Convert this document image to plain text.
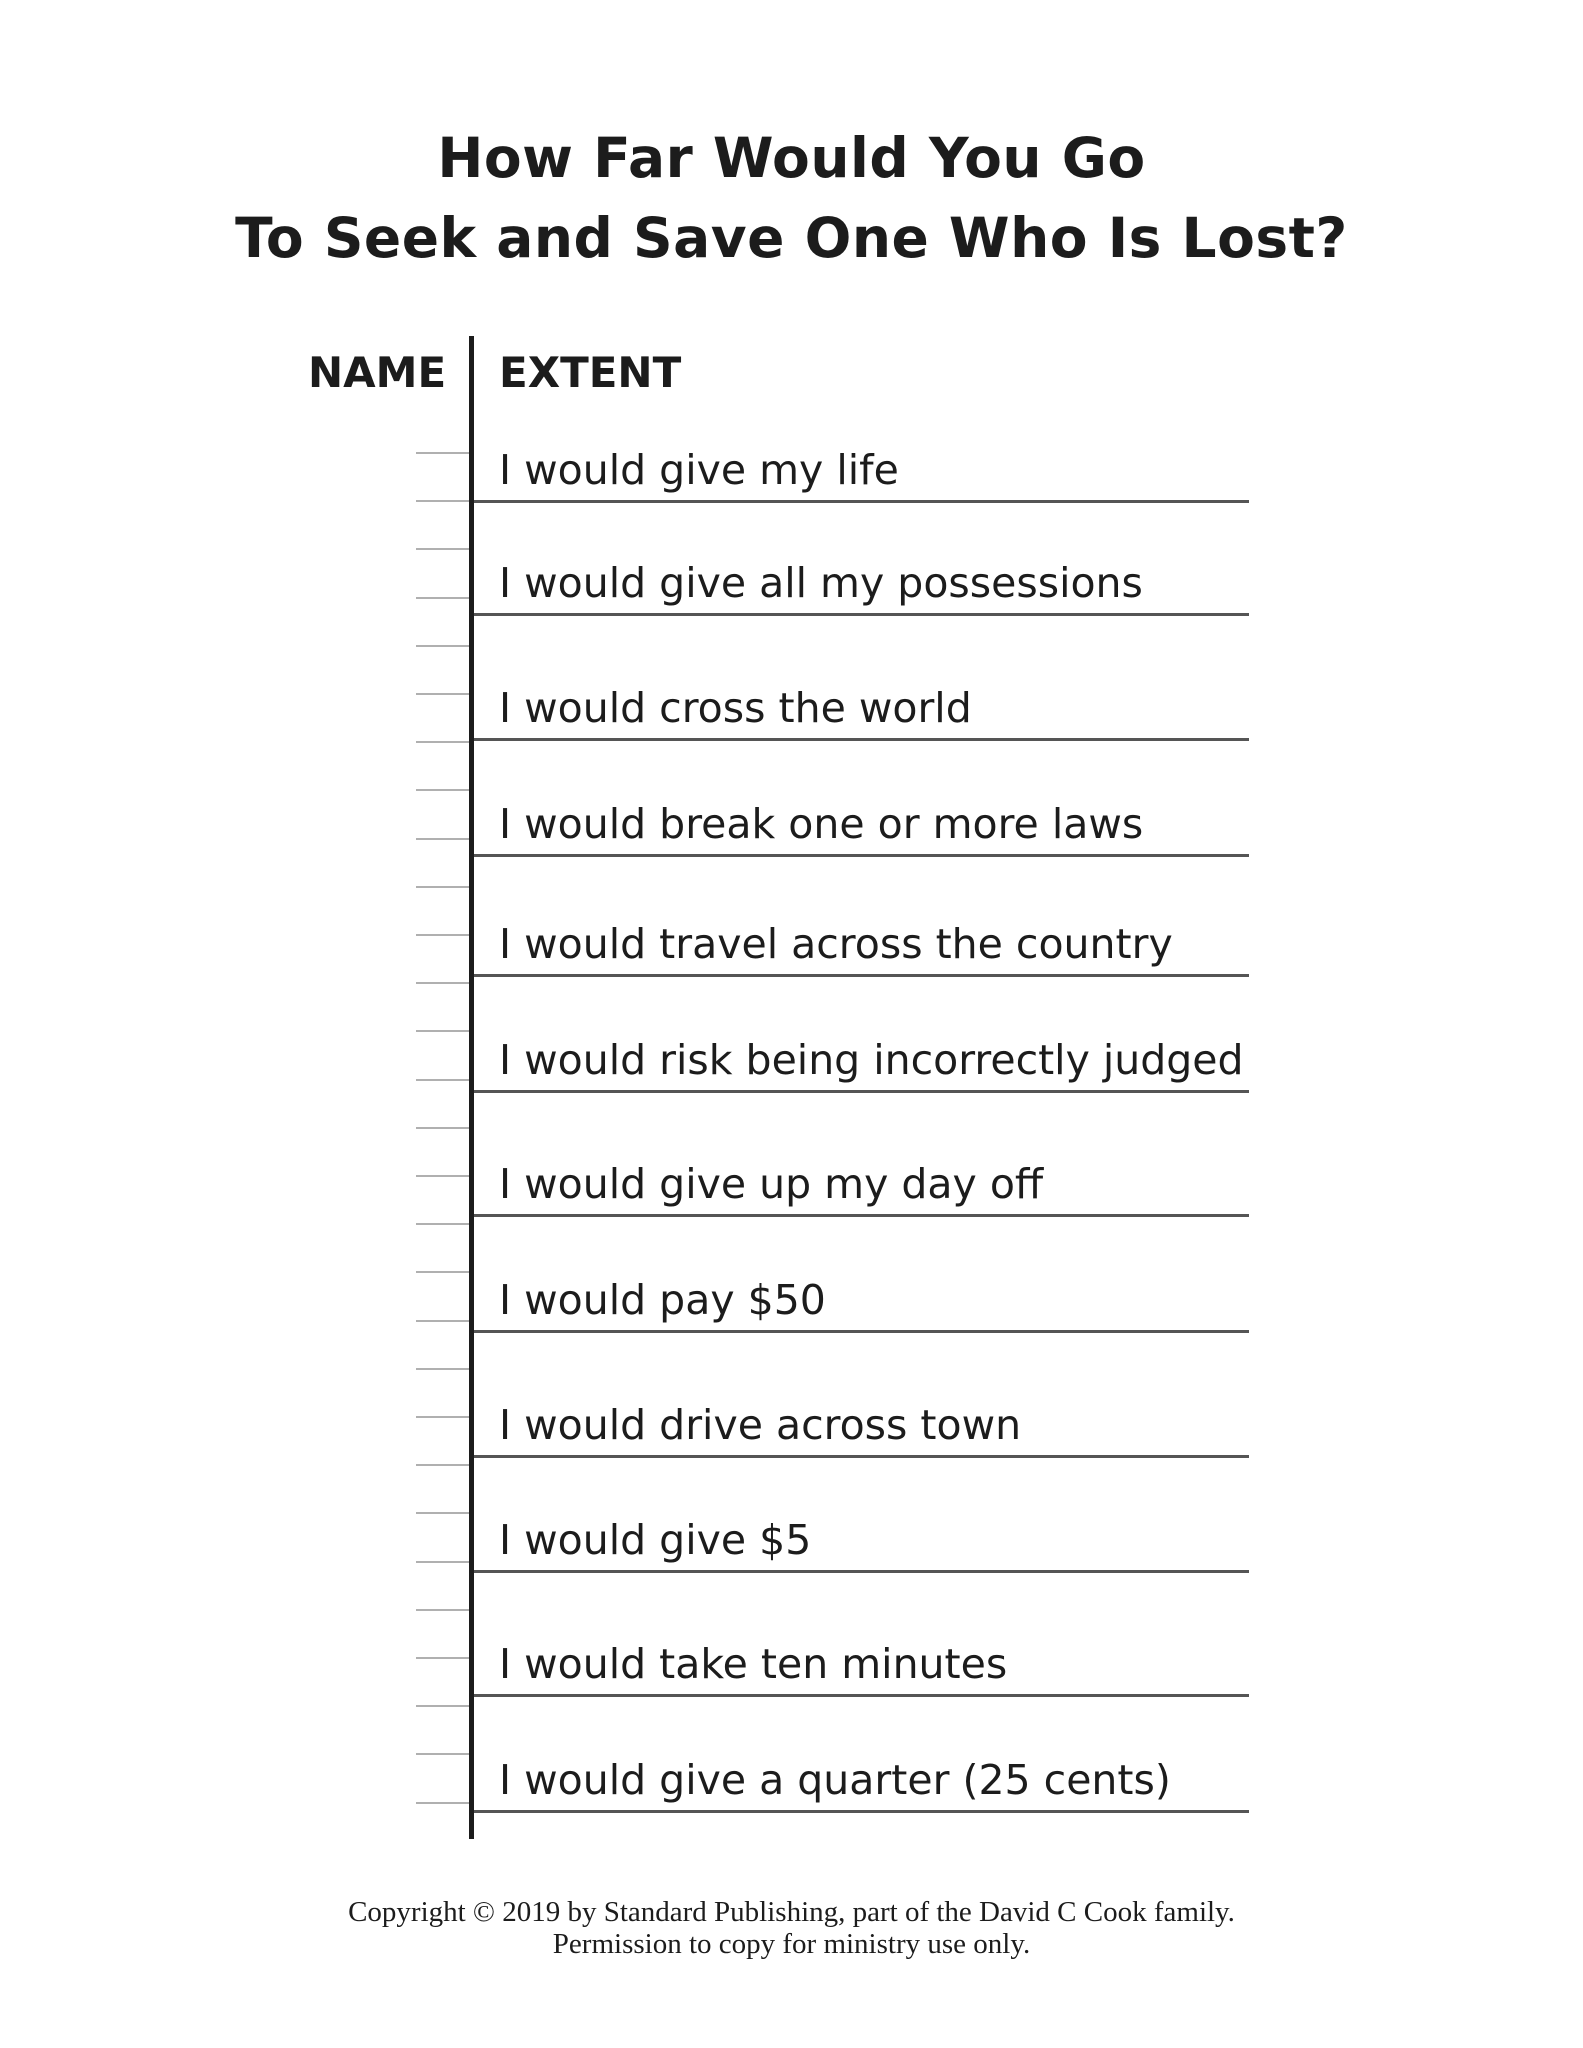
How Far Would You Go
To Seek and Save One Who Is Lost?
NAME EXTENT
I would give my life
I would give all my possessions
I would cross the world
I would break one or more laws
I would travel across the country
I would risk being incorrectly judged
I would give up my day off
I would pay $50
I would drive across town
I would give $5
I would take ten minutes
I would give a quarter (25 cents)
Copyright © 2019 by Standard Publishing, part of the David C Cook family.
Permission to copy for ministry use only.
